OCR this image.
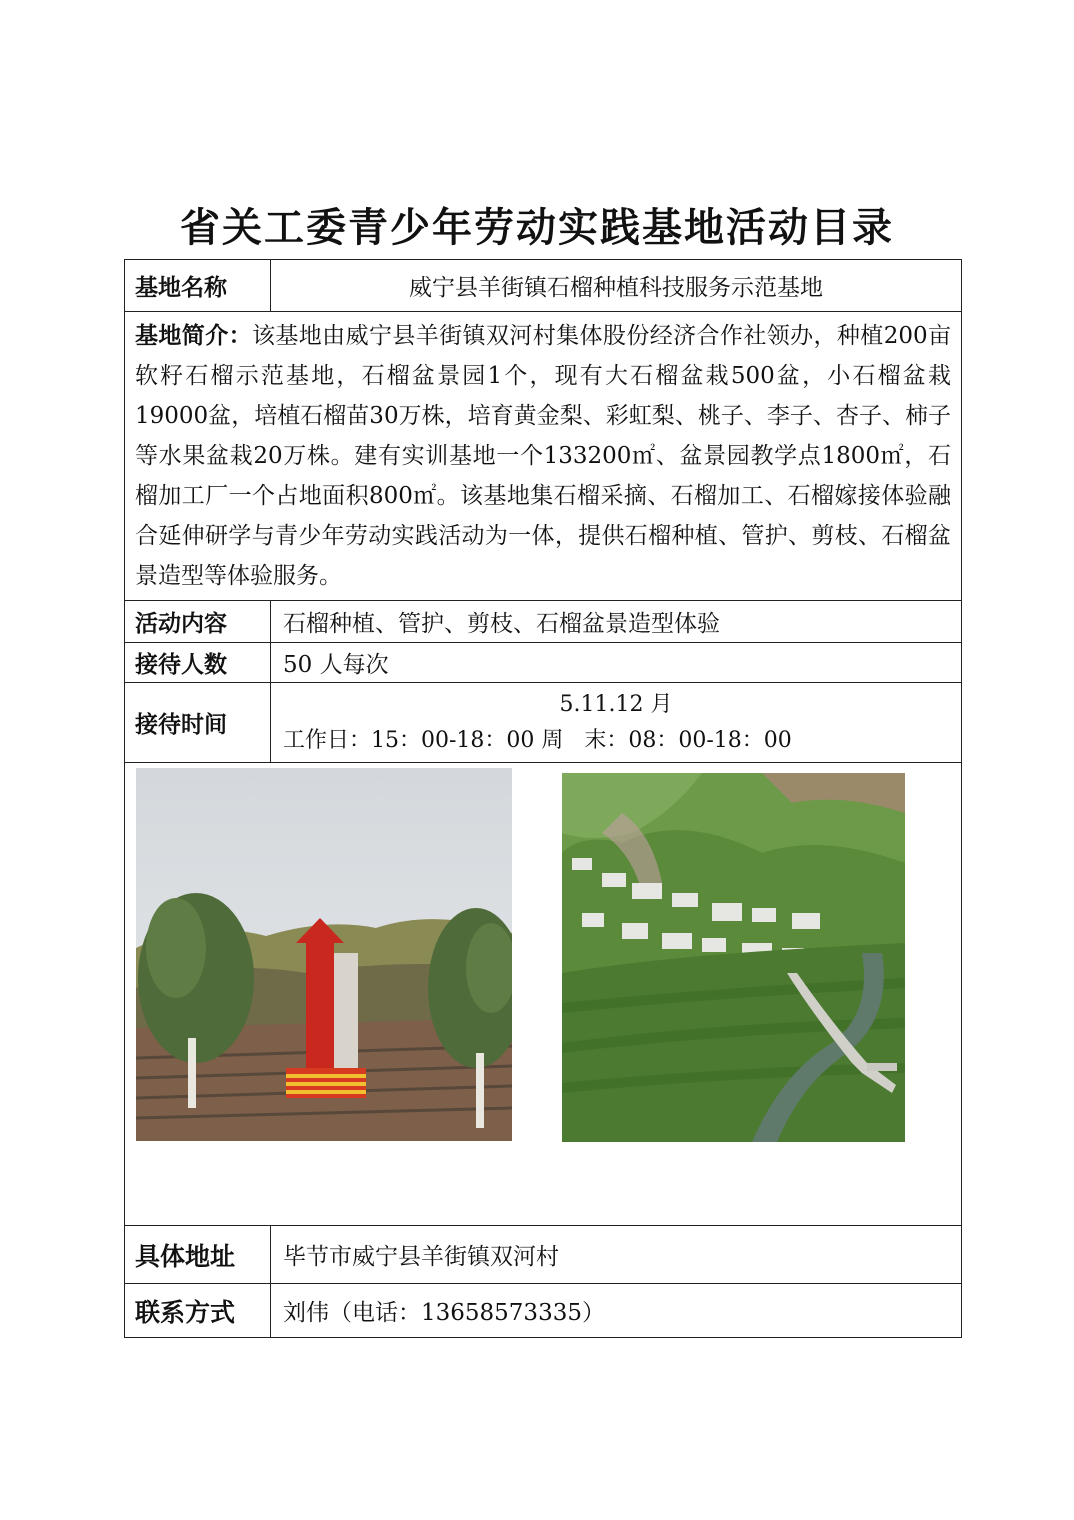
省关工委青少年劳动实践基地活动目录
基地名称	威宁县羊街镇石榴种植科技服务示范基地
基地简介：该基地由威宁县羊街镇双河村集体股份经济合作社领办，种植200亩软籽石榴示范基地，石榴盆景园1个，现有大石榴盆栽500盆，小石榴盆栽19000盆，培植石榴苗30万株，培育黄金梨、彩虹梨、桃子、李子、杏子、柿子等水果盆栽20万株。建有实训基地一个133200㎡、盆景园教学点1800㎡，石榴加工厂一个占地面积800㎡。该基地集石榴采摘、石榴加工、石榴嫁接体验融合延伸研学与青少年劳动实践活动为一体，提供石榴种植、管护、剪枝、石榴盆景造型等体验服务。	
活动内容	石榴种植、管护、剪枝、石榴盆景造型体验
接待人数	50 人每次
接待时间	5.11.12 月
工作日：15：00-18：00 周   末：08：00-18：00

具体地址	毕节市威宁县羊街镇双河村
联系方式	刘伟（电话：13658573335）
